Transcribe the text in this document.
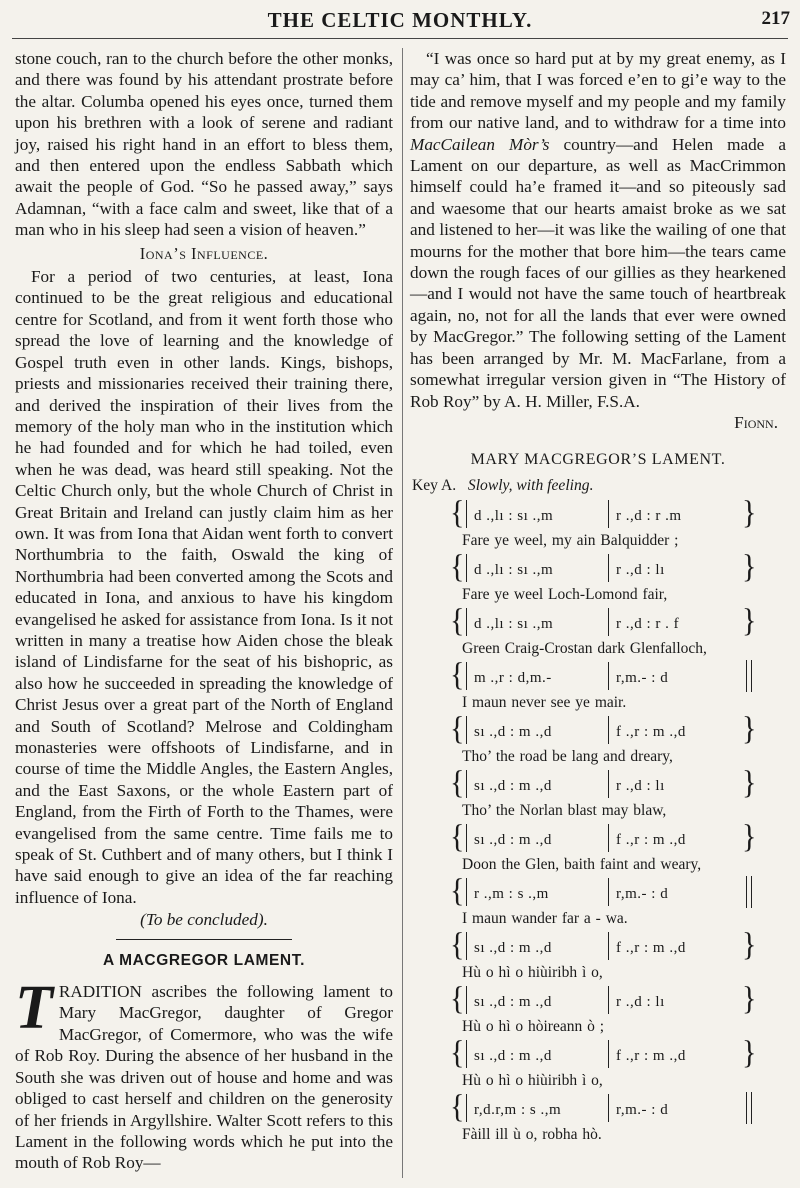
THE CELTIC MONTHLY.	217

stone couch, ran to the church before the other monks, and there was found by his attendant prostrate before the altar. Columba opened his eyes once, turned them upon his brethren with a look of serene and radiant joy, raised his right hand in an effort to bless them, and then entered upon the endless Sabbath which await the people of God. “So he passed away,” says Adamnan, “with a face calm and sweet, like that of a man who in his sleep had seen a vision of heaven.”

Iona’s Influence.

For a period of two centuries, at least, Iona continued to be the great religious and educational centre for Scotland, and from it went forth those who spread the love of learning and the knowledge of Gospel truth even in other lands. Kings, bishops, priests and missionaries received their training there, and derived the inspiration of their lives from the memory of the holy man who in the institution which he had founded and for which he had toiled, even when he was dead, was heard still speaking. Not the Celtic Church only, but the whole Church of Christ in Great Britain and Ireland can justly claim him as her own. It was from Iona that Aidan went forth to convert Northumbria to the faith, Oswald the king of Northumbria had been converted among the Scots and educated in Iona, and anxious to have his kingdom evangelised he asked for assistance from Iona. Is it not written in many a treatise how Aiden chose the bleak island of Lindisfarne for the seat of his bishopric, as also how he succeeded in spreading the knowledge of Christ Jesus over a great part of the North of England and South of Scotland? Melrose and Coldingham monasteries were offshoots of Lindisfarne, and in course of time the Middle Angles, the Eastern Angles, and the East Saxons, or the whole Eastern part of England, from the Firth of Forth to the Thames, were evangelised from the same centre. Time fails me to speak of St. Cuthbert and of many others, but I think I have said enough to give an idea of the far reaching influence of Iona.

(To be concluded).
A MACGREGOR LAMENT.

TRADITION ascribes the following lament to Mary MacGregor, daughter of Gregor MacGregor, of Comermore, who was the wife of Rob Roy. During the absence of her husband in the South she was driven out of house and home and was obliged to cast herself and children on the generosity of her friends in Argyllshire. Walter Scott refers to this Lament in the following words which he put into the mouth of Rob Roy—

“I was once so hard put at by my great enemy, as I may ca’ him, that I was forced e’en to gi’e way to the tide and remove myself and my people and my family from our native land, and to withdraw for a time into MacCailean Mòr’s country—and Helen made a Lament on our departure, as well as MacCrimmon himself could ha’e framed it—and so piteously sad and waesome that our hearts amaist broke as we sat and listened to her—it was like the wailing of one that mourns for the mother that bore him—the tears came down the rough faces of our gillies as they hearkened—and I would not have the same touch of heartbreak again, no, not for all the lands that ever were owned by MacGregor.” The following setting of the Lament has been arranged by Mr. M. MacFarlane, from a somewhat irregular version given in “The History of Rob Roy” by A. H. Miller, F.S.A.

Fionn.
MARY MACGREGOR’S LAMENT.
Key A. Slowly, with feeling.
{ d .,lı : sı .,m	r .,d : r .m }
Fare ye weel, my ain Balquidder ;
{ d .,lı : sı .,m	r .,d : lı	}
Fare ye weel Loch-Lomond fair,
{ d .,lı : sı .,m	r .,d : r . f }
Green Craig-Crostan dark Glenfalloch,
{ m .,r : d,m.-	r,m.- : d
I maun never see ye mair.
{ sı .,d : m .,d	f .,r : m .,d }
Tho’ the road be lang and dreary,
{ sı .,d : m .,d	r .,d : lı	}
Tho’ the Norlan blast may blaw,
{ sı .,d : m .,d	f .,r : m .,d }
Doon the Glen, baith faint and weary,
{ r .,m : s .,m	r,m.- : d
I maun wander far a - wa.
{ sı .,d : m .,d	f .,r : m .,d }
Hù o hì o hiùiribh ì o,
{ sı .,d : m .,d	r .,d : lı	}
Hù o hì o hòireann ò ;
{ sı .,d : m .,d	f .,r : m .,d }
Hù o hì o hiùiribh ì o,
{ r,d.r,m : s .,m	r,m.- : d
Fàill ill ù o, robha hò.
